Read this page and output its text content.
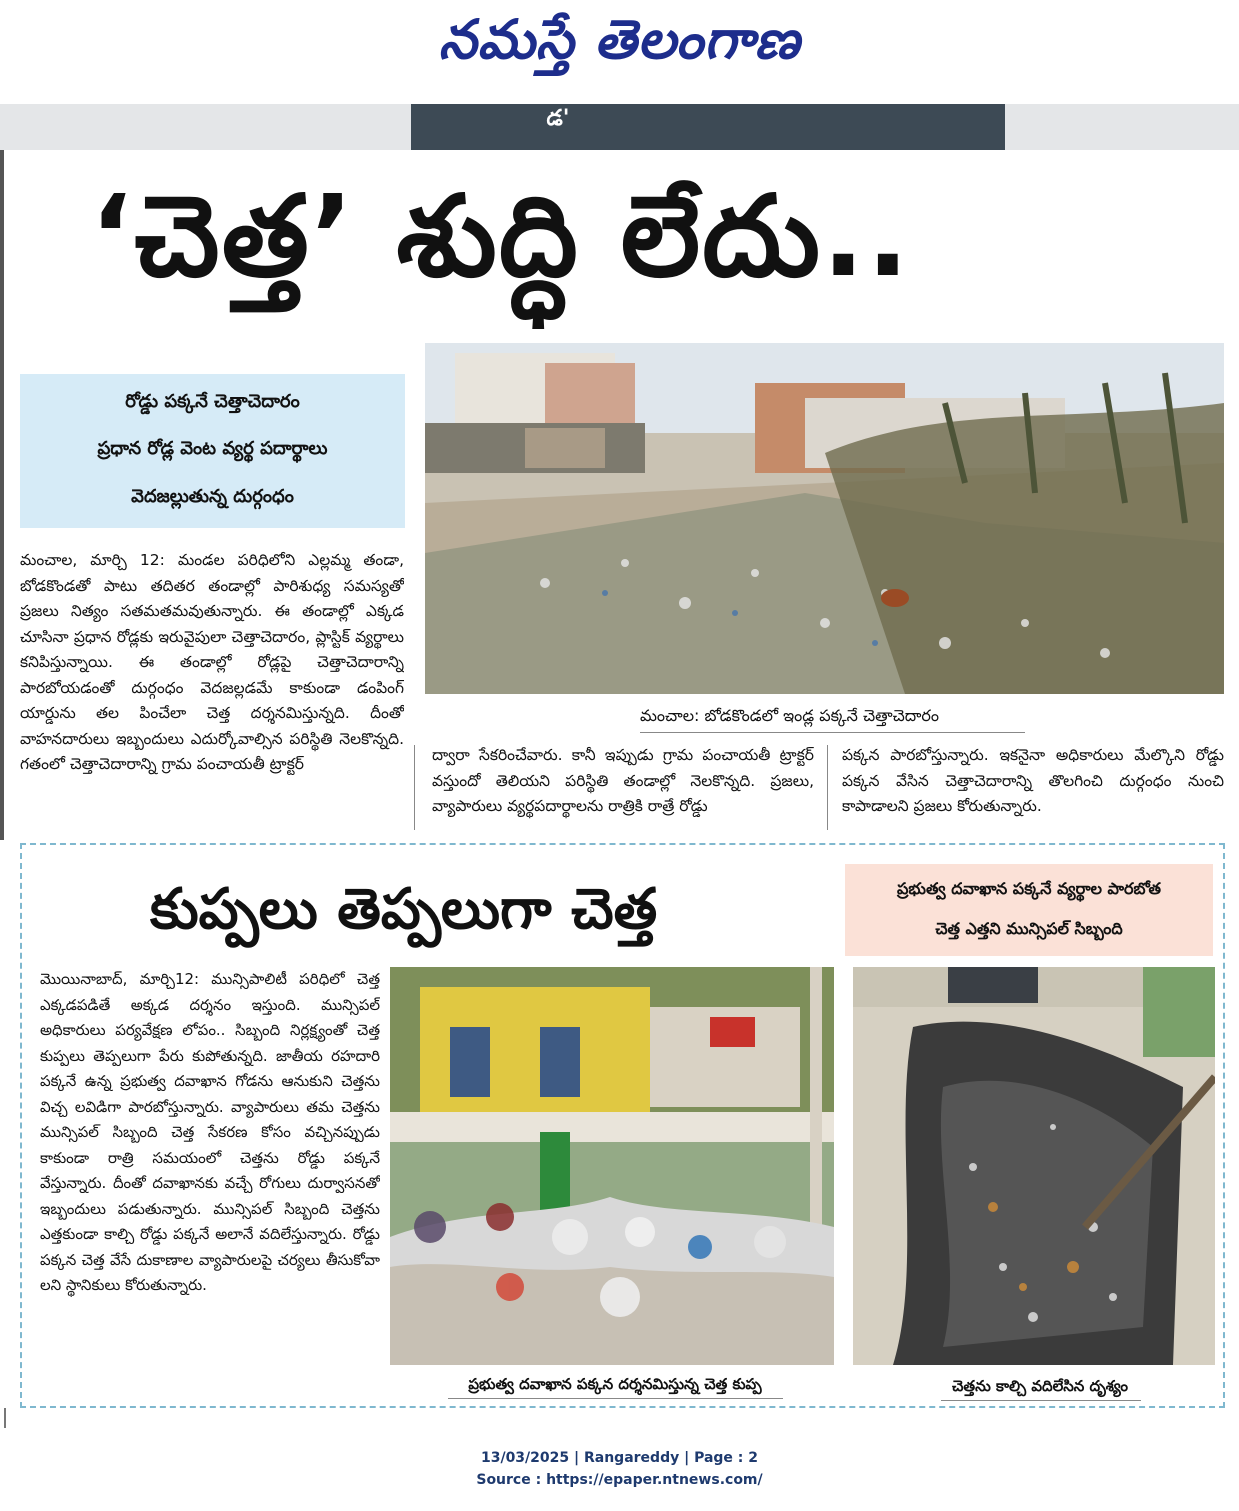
నమస్తే తెలంగాణ
డ'
‘చెత్త’ శుద్ధి లేదు..
రోడ్డు పక్కనే చెత్తాచెదారం
ప్రధాన రోడ్ల వెంట వ్యర్థ పదార్థాలు
వెదజల్లుతున్న దుర్గంధం
మంచాల: బోడకొండలో ఇండ్ల పక్కనే చెత్తాచెదారం
మంచాల, మార్చి 12: మండల పరిధిలోని ఎల్లమ్మ తండా, బోడకొండతో పాటు తదితర తండాల్లో పారిశుధ్య సమస్యతో ప్రజలు నిత్యం సతమతమవుతున్నారు. ఈ తండాల్లో ఎక్కడ చూసినా ప్రధాన రోడ్లకు ఇరువైపులా చెత్తాచెదారం, ప్లాస్టిక్ వ్యర్థాలు కనిపిస్తున్నాయి. ఈ తండాల్లో రోడ్లపై చెత్తాచెదారాన్ని పారబోయడంతో దుర్గంధం వెదజల్లడమే కాకుండా డంపింగ్ యార్డును తల పించేలా చెత్త దర్శనమిస్తున్నది. దీంతో వాహనదారులు ఇబ్బందులు ఎదుర్కోవాల్సిన పరిస్థితి నెలకొన్నది. గతంలో చెత్తాచెదారాన్ని గ్రామ పంచాయతీ ట్రాక్టర్	ద్వారా సేకరించేవారు. కానీ ఇప్పుడు గ్రామ పంచాయతీ ట్రాక్టర్ వస్తుందో తెలియని పరిస్థితి తండాల్లో నెలకొన్నది. ప్రజలు, వ్యాపారులు వ్యర్థపదార్థాలను రాత్రికి రాత్రే రోడ్డు
పక్కన పారబోస్తున్నారు. ఇకనైనా అధికారులు మేల్కొని రోడ్డు పక్కన వేసిన చెత్తాచెదారాన్ని తొలగించి దుర్గంధం నుంచి కాపాడాలని ప్రజలు కోరుతున్నారు.
కుప్పలు తెప్పలుగా చెత్త	ప్రభుత్వ దవాఖాన పక్కనే వ్యర్థాల పారబోత
చెత్త ఎత్తని మున్సిపల్ సిబ్బంది
మొయినాబాద్, మార్చి12: మున్సిపాలిటీ పరిధిలో చెత్త ఎక్కడపడితే అక్కడ దర్శనం ఇస్తుంది. మున్సిపల్ అధికారులు పర్యవేక్షణ లోపం.. సిబ్బంది నిర్లక్ష్యంతో చెత్త కుప్పలు తెప్పలుగా పేరు కుపోతున్నది. జాతీయ రహదారి పక్కనే ఉన్న ప్రభుత్వ దవాఖాన గోడను ఆనుకుని చెత్తను విచ్చ లవిడిగా పారబోస్తున్నారు. వ్యాపారులు తమ చెత్తను మున్సిపల్ సిబ్బంది చెత్త సేకరణ కోసం వచ్చినప్పుడు కాకుండా రాత్రి సమయంలో చెత్తను రోడ్డు పక్కనే వేస్తున్నారు. దీంతో దవాఖానకు వచ్చే రోగులు దుర్వాసనతో ఇబ్బందులు పడుతున్నారు. మున్సిపల్ సిబ్బంది చెత్తను ఎత్తకుండా కాల్చి రోడ్డు పక్కనే అలానే వదిలేస్తున్నారు. రోడ్డు పక్కన చెత్త వేసే దుకాణాల వ్యాపారులపై చర్యలు తీసుకోవా లని స్థానికులు కోరుతున్నారు.
ప్రభుత్వ దవాఖాన పక్కన దర్శనమిస్తున్న చెత్త కుప్ప	చెత్తను కాల్చి వదిలేసిన దృశ్యం
13/03/2025 | Rangareddy | Page : 2
Source : https://epaper.ntnews.com/
